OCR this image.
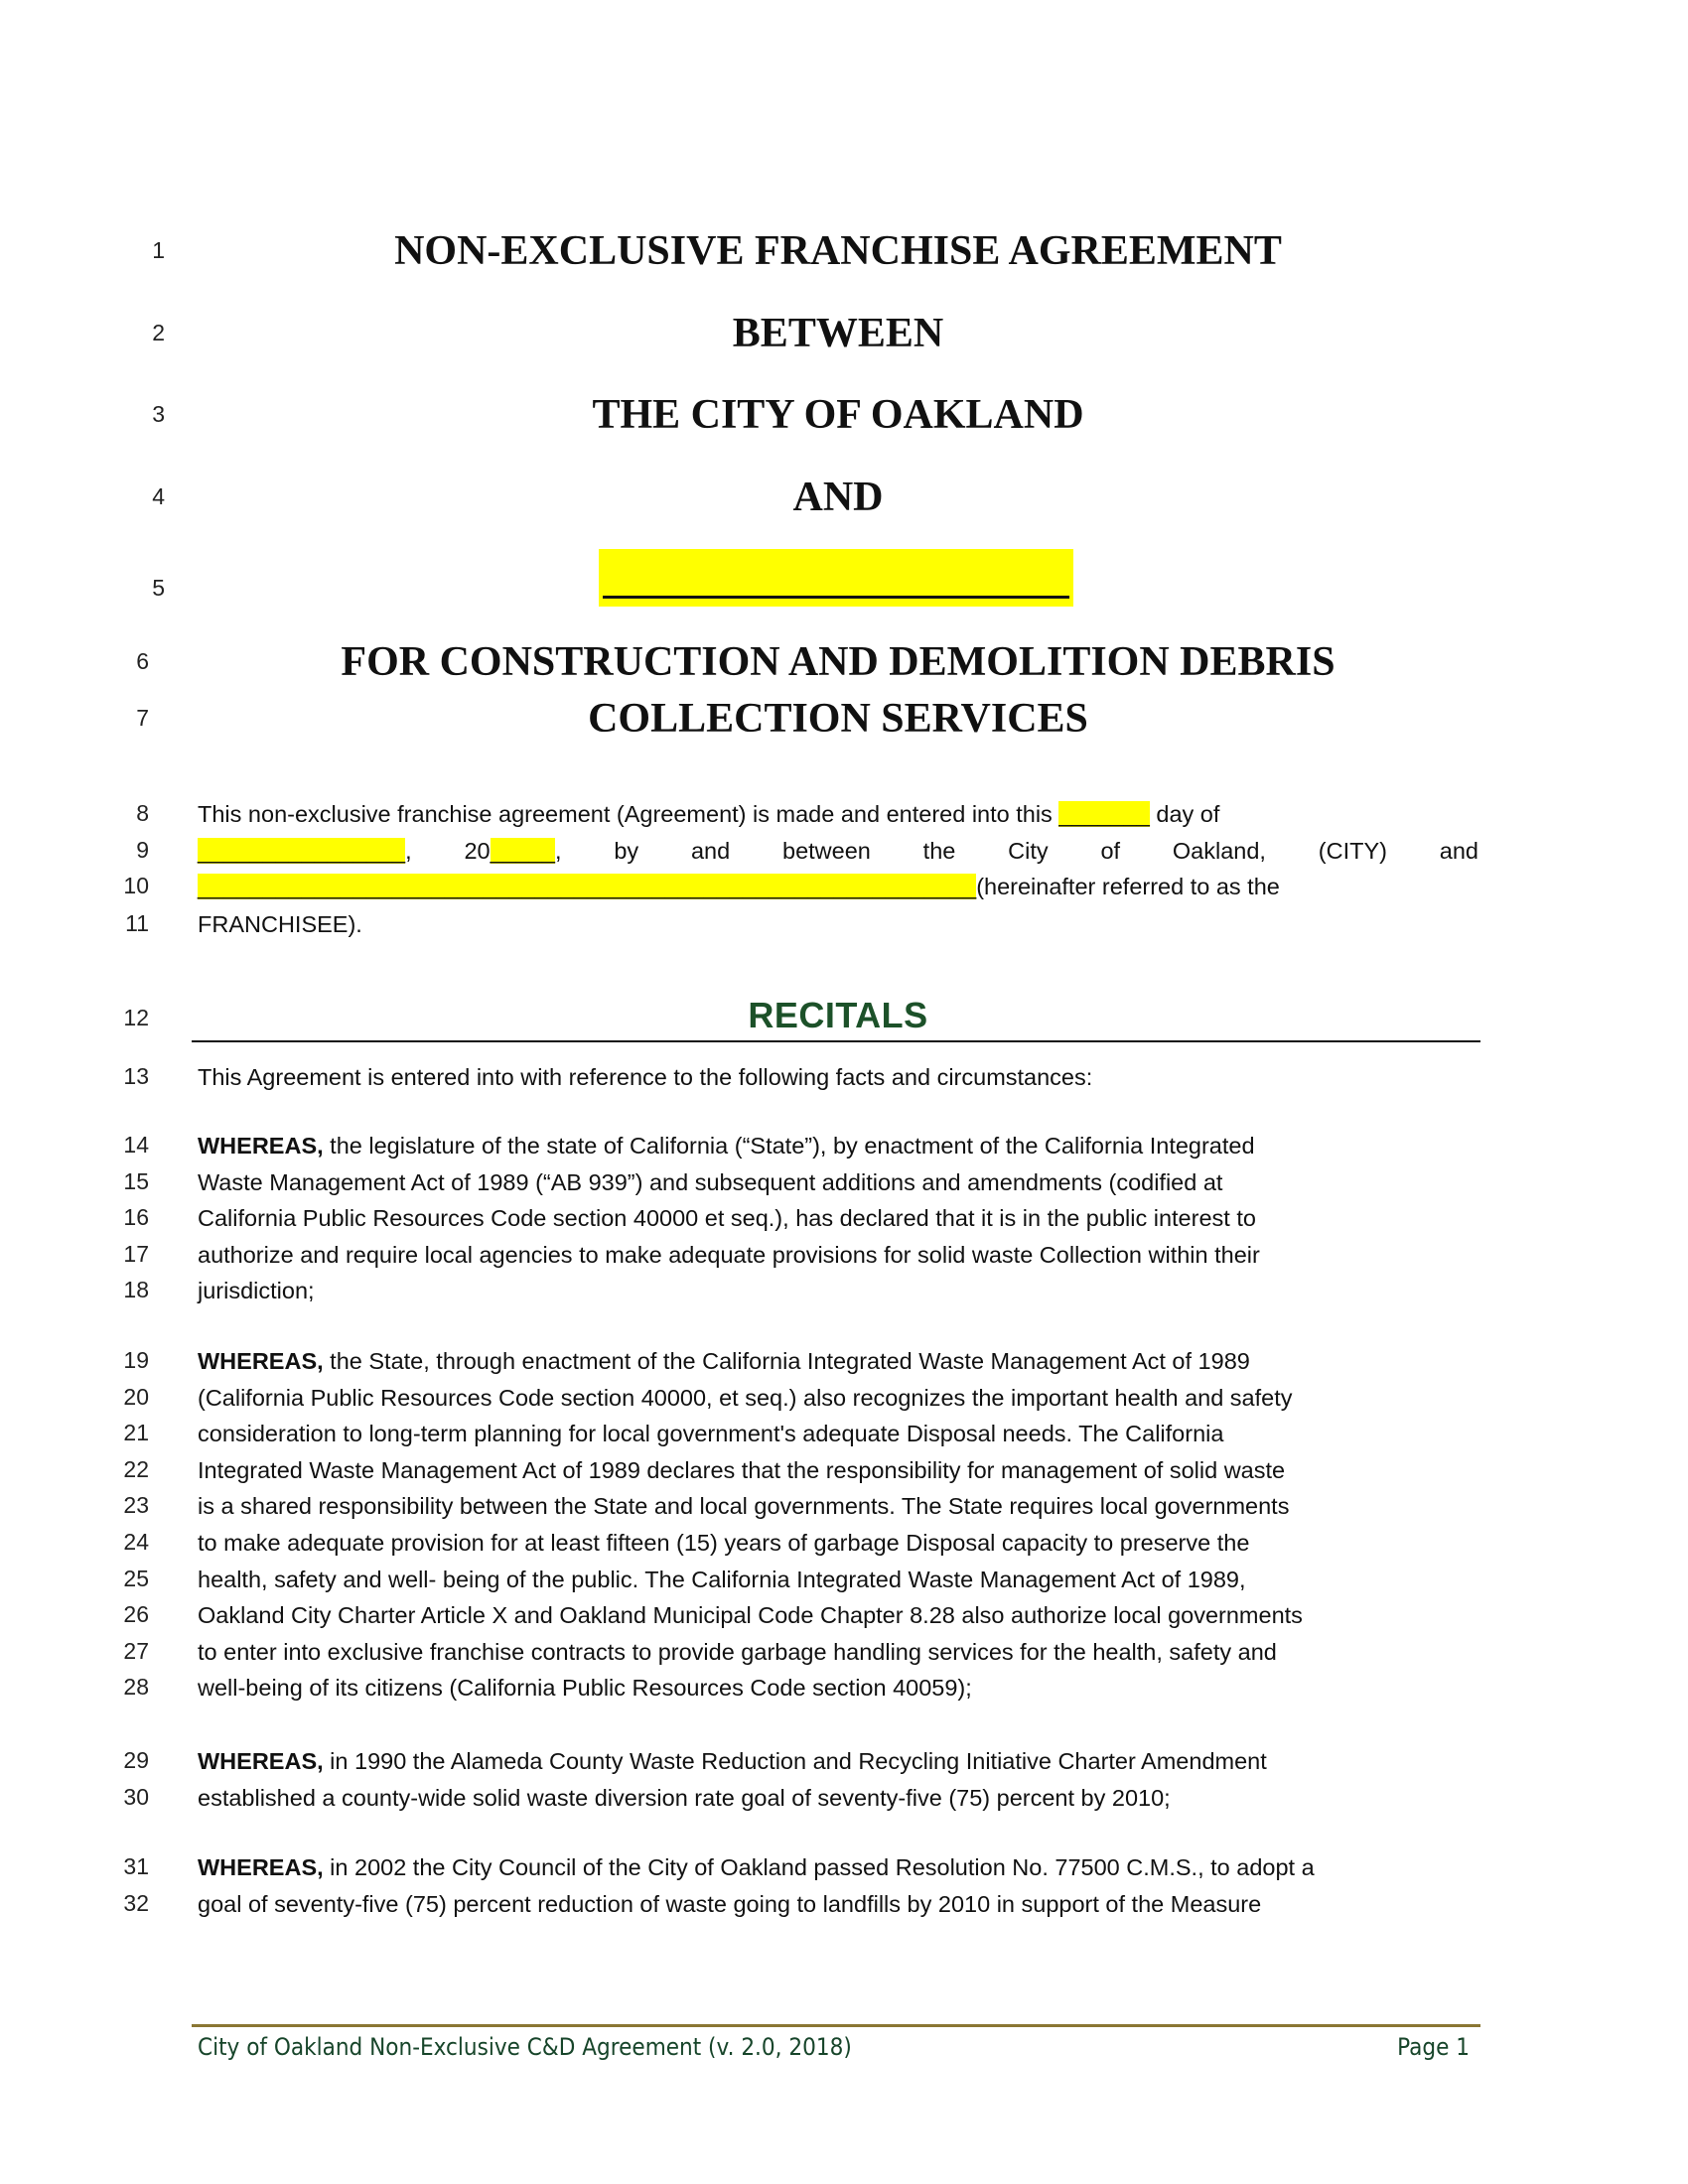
RECITALS
City of Oakland Non-Exclusive C&D Agreement (v. 2.0, 2018)	Page 1
1	NON-EXCLUSIVE FRANCHISE AGREEMENT
2	BETWEEN
3	THE CITY OF OAKLAND
4	AND
5
6	FOR CONSTRUCTION AND DEMOLITION DEBRIS
7	COLLECTION SERVICES
8 This non-exclusive franchise agreement (Agreement) is made and entered into this _______ day of
9 ________________, 20_____, by and between the City of Oakland, (CITY) and
10 ____________________________________________________________(hereinafter referred to as the
11 FRANCHISEE).
12
13 This Agreement is entered into with reference to the following facts and circumstances:
14 WHEREAS, the legislature of the state of California (“State”), by enactment of the California Integrated
15 Waste Management Act of 1989 (“AB 939”) and subsequent additions and amendments (codified at
16 California Public Resources Code section 40000 et seq.), has declared that it is in the public interest to
17 authorize and require local agencies to make adequate provisions for solid waste Collection within their
18 jurisdiction;
19 WHEREAS, the State, through enactment of the California Integrated Waste Management Act of 1989
20 (California Public Resources Code section 40000, et seq.) also recognizes the important health and safety
21 consideration to long-term planning for local government's adequate Disposal needs. The California
22 Integrated Waste Management Act of 1989 declares that the responsibility for management of solid waste
23 is a shared responsibility between the State and local governments. The State requires local governments
24 to make adequate provision for at least fifteen (15) years of garbage Disposal capacity to preserve the
25 health, safety and well- being of the public. The California Integrated Waste Management Act of 1989,
26 Oakland City Charter Article X and Oakland Municipal Code Chapter 8.28 also authorize local governments
27 to enter into exclusive franchise contracts to provide garbage handling services for the health, safety and
28 well-being of its citizens (California Public Resources Code section 40059);
29 WHEREAS, in 1990 the Alameda County Waste Reduction and Recycling Initiative Charter Amendment
30 established a county-wide solid waste diversion rate goal of seventy-five (75) percent by 2010;
31 WHEREAS, in 2002 the City Council of the City of Oakland passed Resolution No. 77500 C.M.S., to adopt a
32 goal of seventy-five (75) percent reduction of waste going to landfills by 2010 in support of the Measure
